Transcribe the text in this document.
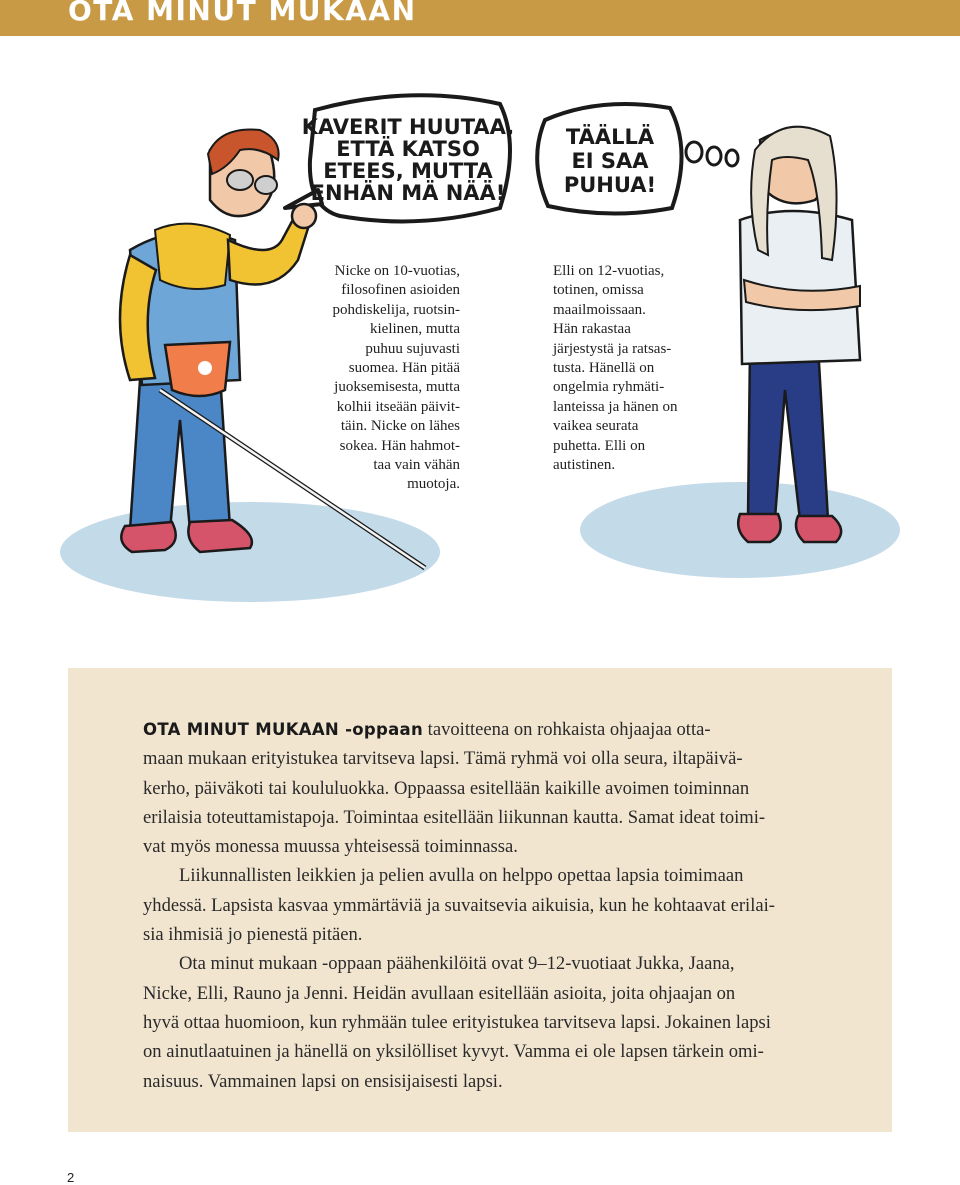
OTA MINUT MUKAAN
KAVERIT HUUTAA,
ETTÄ KATSO
ETEES, MUTTA
ENHÄN MÄ NÄÄ!
TÄÄLLÄ
EI SAA
PUHUA!
Nicke on 10-vuotias,
filosofinen asioiden
pohdiskelija, ruotsin-
kielinen, mutta
puhuu sujuvasti
suomea. Hän pitää
juoksemisesta, mutta
kolhii itseään päivit-
täin. Nicke on lähes
sokea. Hän hahmot-
taa vain vähän
muotoja.
Elli on 12-vuotias,
totinen, omissa
maailmoissaan.
Hän rakastaa
järjestystä ja ratsas-
tusta. Hänellä on
ongelmia ryhmäti-
lanteissa ja hänen on
vaikea seurata
puhetta. Elli on
autistinen.
OTA MINUT MUKAAN -oppaan tavoitteena on rohkaista ohjaajaa otta-
maan mukaan erityistukea tarvitseva lapsi. Tämä ryhmä voi olla seura, iltapäivä-
kerho, päiväkoti tai koululuokka. Oppaassa esitellään kaikille avoimen toiminnan
erilaisia toteuttamistapoja. Toimintaa esitellään liikunnan kautta. Samat ideat toimi-
vat myös monessa muussa yhteisessä toiminnassa.
Liikunnallisten leikkien ja pelien avulla on helppo opettaa lapsia toimimaan
yhdessä. Lapsista kasvaa ymmärtäviä ja suvaitsevia aikuisia, kun he kohtaavat erilai-
sia ihmisiä jo pienestä pitäen.
Ota minut mukaan -oppaan päähenkilöitä ovat 9–12-vuotiaat Jukka, Jaana,
Nicke, Elli, Rauno ja Jenni. Heidän avullaan esitellään asioita, joita ohjaajan on
hyvä ottaa huomioon, kun ryhmään tulee erityistukea tarvitseva lapsi. Jokainen lapsi
on ainutlaatuinen ja hänellä on yksilölliset kyvyt. Vamma ei ole lapsen tärkein omi-
naisuus. Vammainen lapsi on ensisijaisesti lapsi.
2
